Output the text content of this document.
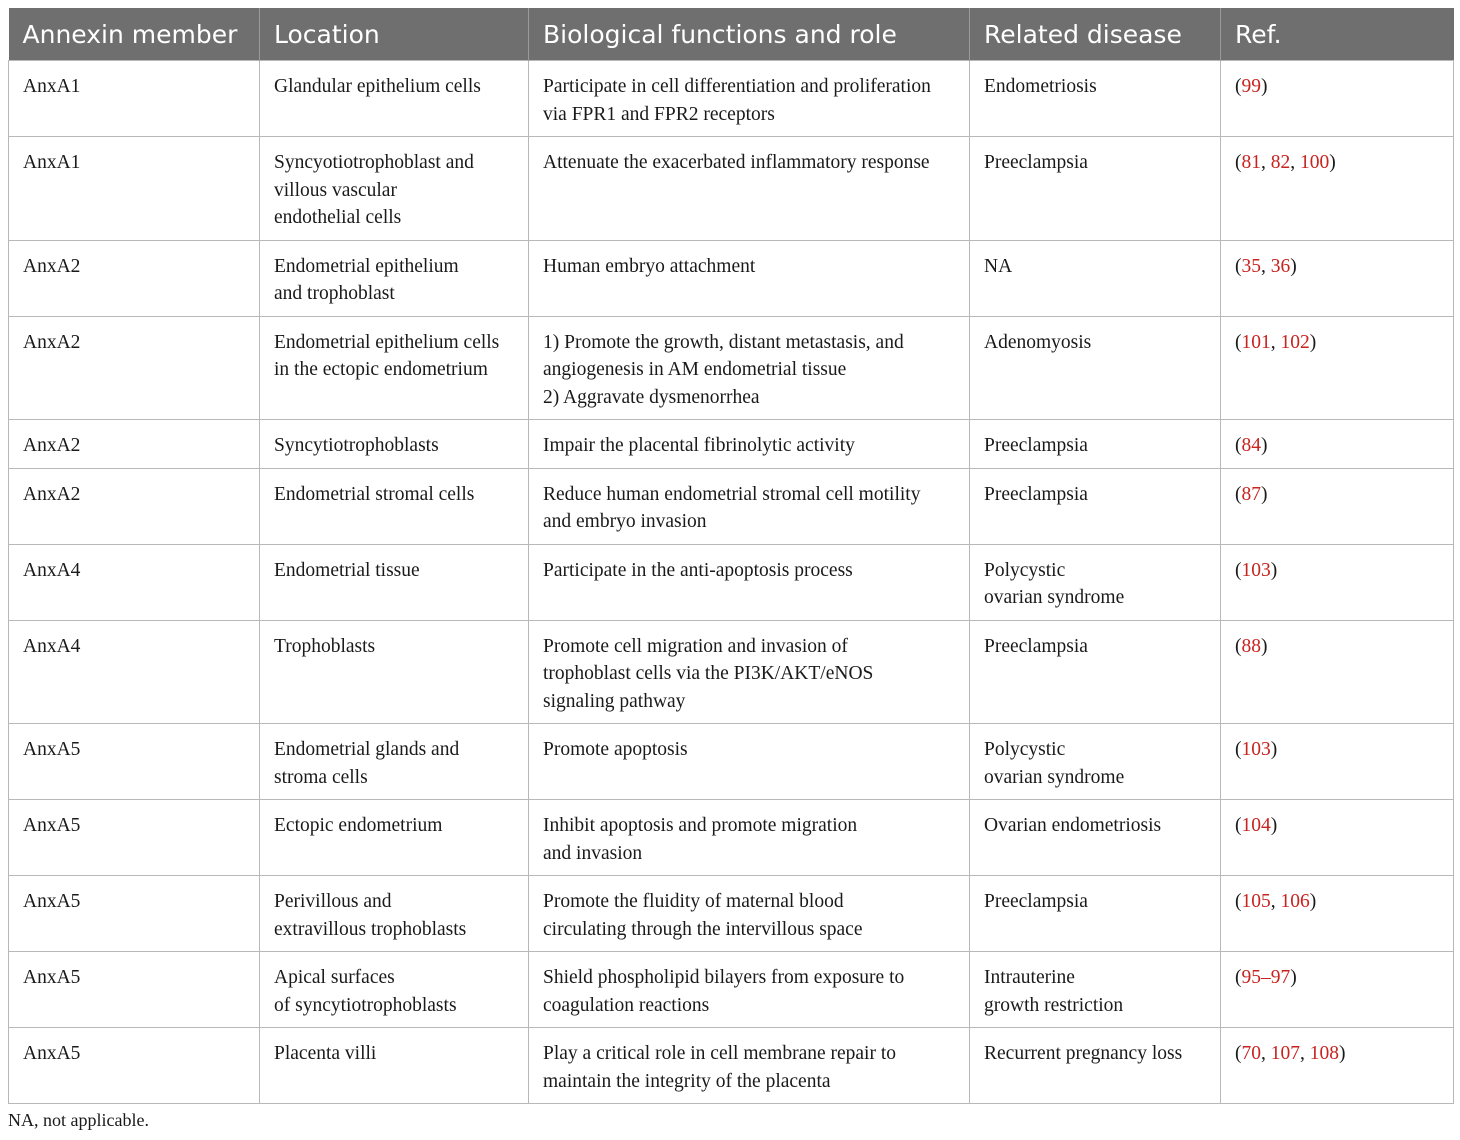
Annexin member	Location	Biological functions and role	Related disease	Ref.

AnxA1	Glandular epithelium cells	Participate in cell differentiation and proliferation
via FPR1 and FPR2 receptors	Endometriosis	(99)

AnxA1	Syncyotiotrophoblast and
villous vascular
endothelial cells	Attenuate the exacerbated inflammatory response	Preeclampsia	(81, 82, 100)

AnxA2	Endometrial epithelium
and trophoblast	Human embryo attachment	NA	(35, 36)

AnxA2	Endometrial epithelium cells
in the ectopic endometrium	1) Promote the growth, distant metastasis, and
angiogenesis in AM endometrial tissue
2) Aggravate dysmenorrhea	Adenomyosis	(101, 102)

AnxA2	Syncytiotrophoblasts	Impair the placental fibrinolytic activity	Preeclampsia	(84)

AnxA2	Endometrial stromal cells	Reduce human endometrial stromal cell motility
and embryo invasion	Preeclampsia	(87)

AnxA4	Endometrial tissue	Participate in the anti-apoptosis process	Polycystic
ovarian syndrome	(103)

AnxA4	Trophoblasts	Promote cell migration and invasion of
trophoblast cells via the PI3K/AKT/eNOS
signaling pathway	Preeclampsia	(88)

AnxA5	Endometrial glands and
stroma cells	Promote apoptosis	Polycystic
ovarian syndrome	(103)

AnxA5	Ectopic endometrium	Inhibit apoptosis and promote migration
and invasion	Ovarian endometriosis	(104)

AnxA5	Perivillous and
extravillous trophoblasts	Promote the fluidity of maternal blood
circulating through the intervillous space	Preeclampsia	(105, 106)

AnxA5	Apical surfaces
of syncytiotrophoblasts	Shield phospholipid bilayers from exposure to
coagulation reactions	Intrauterine
growth restriction	(95–97)

AnxA5	Placenta villi	Play a critical role in cell membrane repair to
maintain the integrity of the placenta	Recurrent pregnancy loss	(70, 107, 108)
NA, not applicable.
